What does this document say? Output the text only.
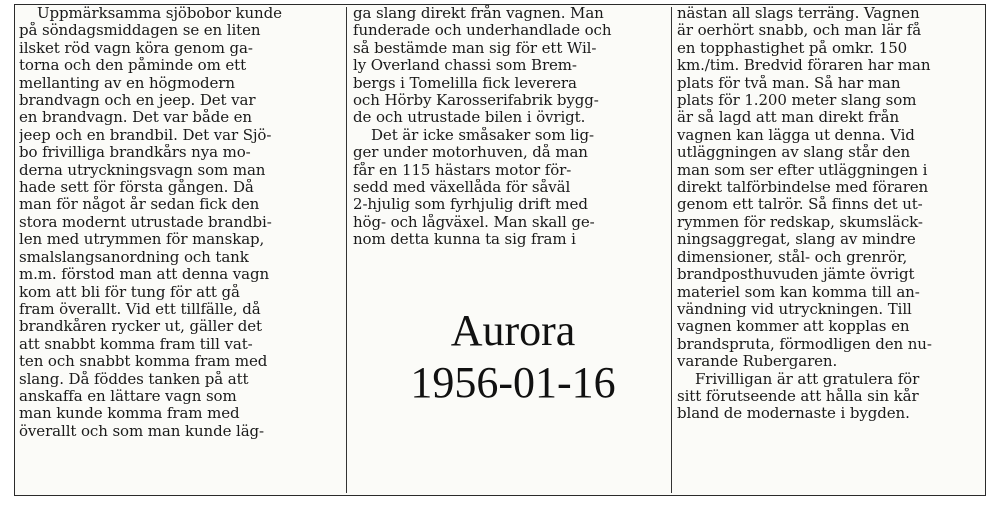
Uppmärksamma sjöbobor kunde
på söndagsmiddagen se en liten
ilsket röd vagn köra genom ga-
torna och den påminde om ett
mellanting av en högmodern
brandvagn och en jeep. Det var
en brandvagn. Det var både en
jeep och en brandbil. Det var Sjö-
bo frivilliga brandkårs nya mo-
derna utryckningsvagn som man
hade sett för första gången. Då
man för något år sedan fick den
stora modernt utrustade brandbi-
len med utrymmen för manskap,
smalslangsanordning och tank
m.m. förstod man att denna vagn
kom att bli för tung för att gå
fram överallt. Vid ett tillfälle, då
brandkåren rycker ut, gäller det
att snabbt komma fram till vat-
ten och snabbt komma fram med
slang. Då föddes tanken på att
anskaffa en lättare vagn som
man kunde komma fram med
överallt och som man kunde läg-
ga slang direkt från vagnen. Man
funderade och underhandlade och
så bestämde man sig för ett Wil-
ly Overland chassi som Brem-
bergs i Tomelilla fick leverera
och Hörby Karosserifabrik bygg-
de och utrustade bilen i övrigt.
Det är icke småsaker som lig-
ger under motorhuven, då man
får en 115 hästars motor för-
sedd med växellåda för såväl
2-hjulig som fyrhjulig drift med
hög- och lågväxel. Man skall ge-
nom detta kunna ta sig fram i
Aurora
1956-01-16
nästan all slags terräng. Vagnen
är oerhört snabb, och man lär få
en topphastighet på omkr. 150
km./tim. Bredvid föraren har man
plats för två man. Så har man
plats för 1.200 meter slang som
är så lagd att man direkt från
vagnen kan lägga ut denna. Vid
utläggningen av slang står den
man som ser efter utläggningen i
direkt talförbindelse med föraren
genom ett talrör. Så finns det ut-
rymmen för redskap, skumsläck-
ningsaggregat, slang av mindre
dimensioner, stål- och grenrör,
brandposthuvuden jämte övrigt
materiel som kan komma till an-
vändning vid utryckningen. Till
vagnen kommer att kopplas en
brandspruta, förmodligen den nu-
varande Rubergaren.
Frivilligan är att gratulera för
sitt förutseende att hålla sin kår
bland de modernaste i bygden.
